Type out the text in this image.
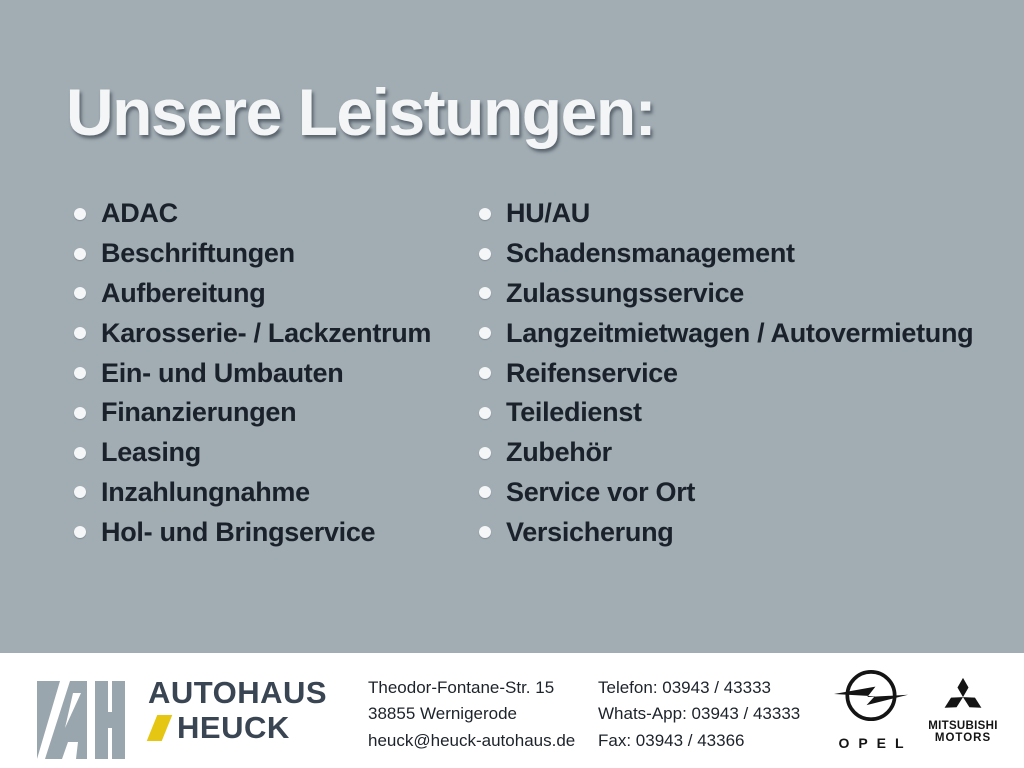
Unsere Leistungen:
ADAC
Beschriftungen
Aufbereitung
Karosserie- / Lackzentrum
Ein- und Umbauten
Finanzierungen
Leasing
Inzahlungnahme
Hol- und Bringservice
HU/AU
Schadensmanagement
Zulassungsservice
Langzeitmietwagen / Autovermietung
Reifenservice
Teiledienst
Zubehör
Service vor Ort
Versicherung
AUTOHAUS
HEUCK
Theodor-Fontane-Str. 15
38855 Wernigerode
heuck@heuck-autohaus.de
Telefon: 03943 / 43333
Whats-App: 03943 / 43333
Fax: 03943 / 43366	OPEL
MITSUBISHI
MOTORS
